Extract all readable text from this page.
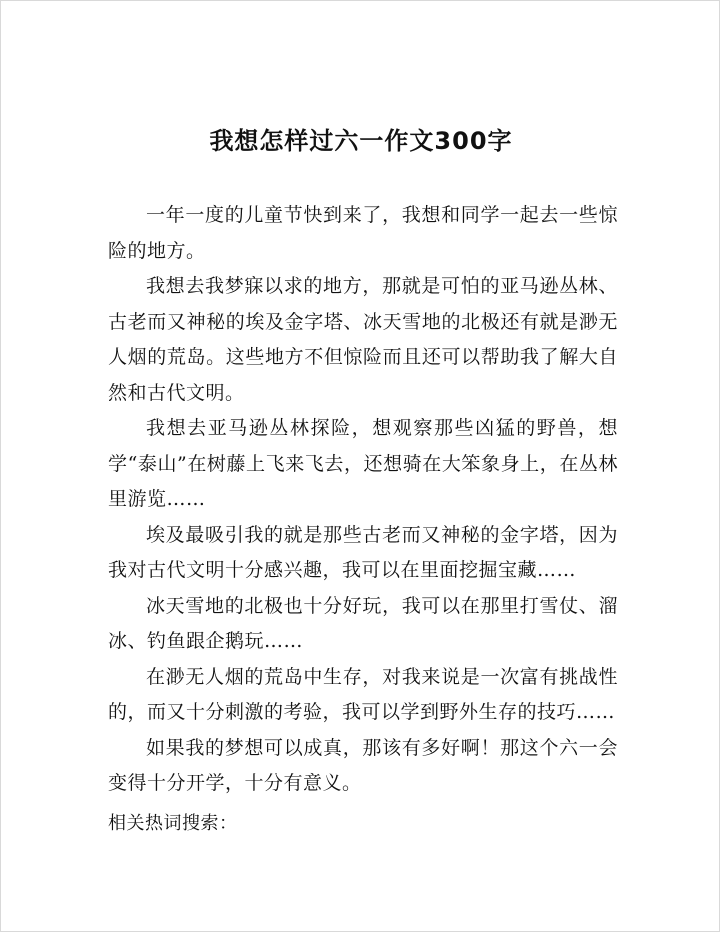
我想怎样过六一作文300字

一年一度的儿童节快到来了，我想和同学一起去一些惊险的地方。

我想去我梦寐以求的地方，那就是可怕的亚马逊丛林、古老而又神秘的埃及金字塔、冰天雪地的北极还有就是渺无人烟的荒岛。这些地方不但惊险而且还可以帮助我了解大自然和古代文明。

我想去亚马逊丛林探险，想观察那些凶猛的野兽，想学“泰山”在树藤上飞来飞去，还想骑在大笨象身上，在丛林里游览……

埃及最吸引我的就是那些古老而又神秘的金字塔，因为我对古代文明十分感兴趣，我可以在里面挖掘宝藏……

冰天雪地的北极也十分好玩，我可以在那里打雪仗、溜冰、钓鱼跟企鹅玩……

在渺无人烟的荒岛中生存，对我来说是一次富有挑战性的，而又十分刺激的考验，我可以学到野外生存的技巧……

如果我的梦想可以成真，那该有多好啊！那这个六一会变得十分开学，十分有意义。

相关热词搜索：
